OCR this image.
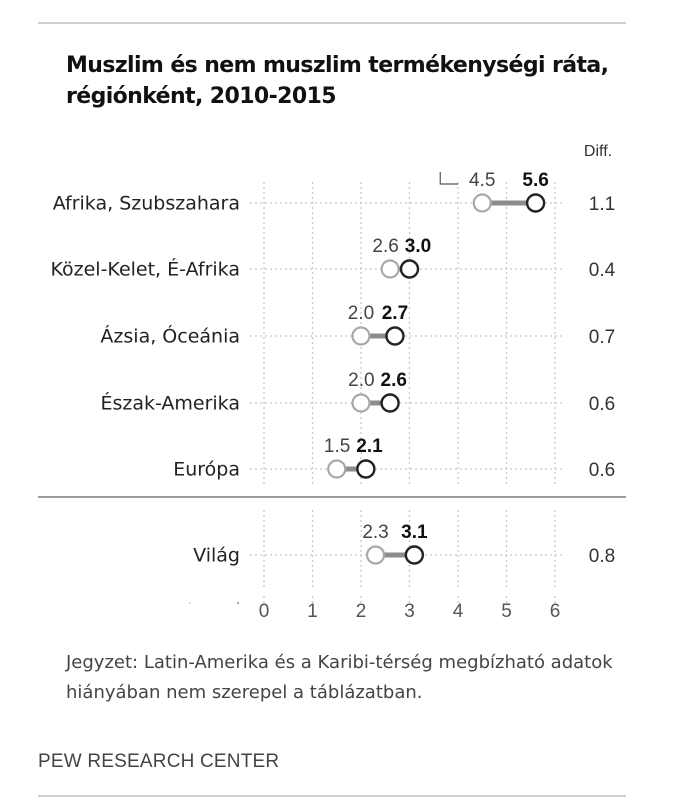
Muszlim és nem muszlim termékenységi ráta, régiónként, 2010-2015
0 1 2 3 4 5 6
Diff.
Afrika, Szubszahara
4.5 5.6
1.1
Közel-Kelet, É-Afrika
2.6 3.0
0.4
Ázsia, Óceánia
2.0 2.7
0.7
Észak-Amerika
2.0 2.6
0.6
Európa
1.5 2.1
0.6
Világ
2.3 3.1
0.8
Jegyzet: Latin-Amerika és a Karibi-térség megbízható adatok hiányában nem szerepel a táblázatban.
PEW RESEARCH CENTER
